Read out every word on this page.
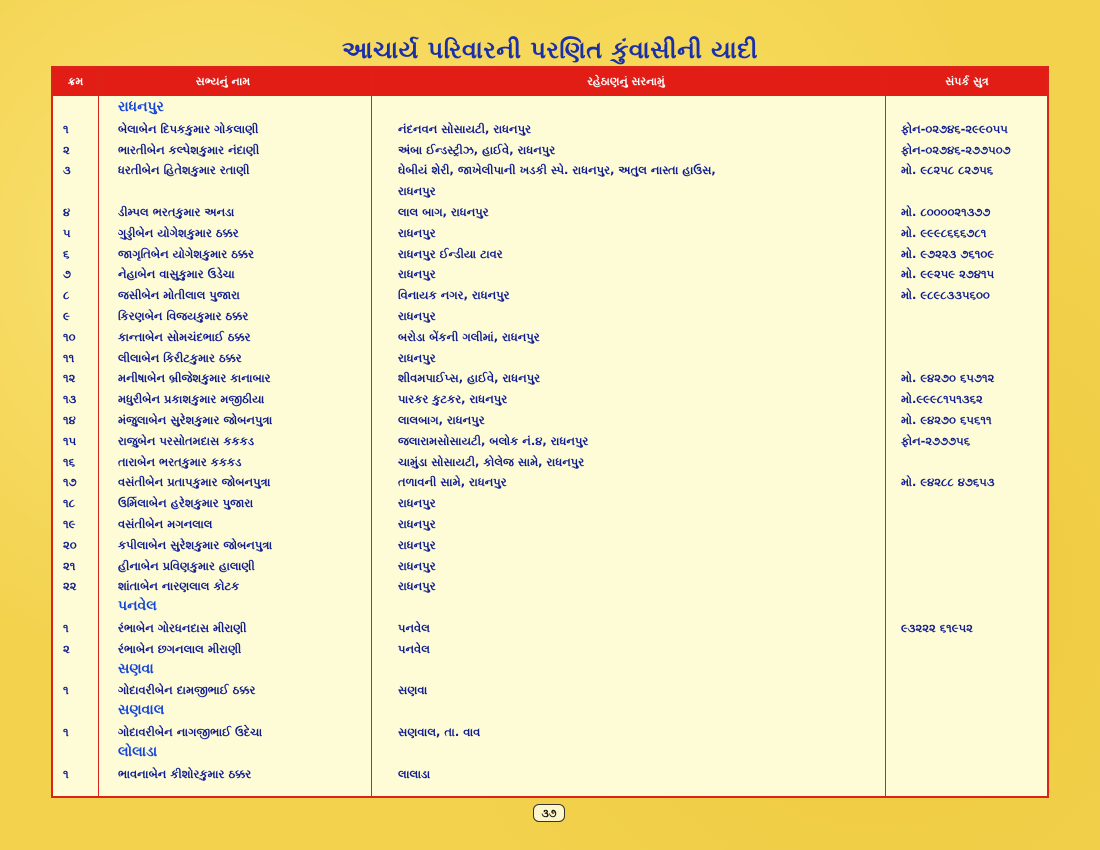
આચાર્ય પરિવારની પરણિત કુંવાસીની યાદી
ક્રમ	સભ્યનું નામ	રહેઠાણનું સરનામું	સંપર્ક સુત્ર
રાધનપુર
૧	બેલાબેન દિપકકુમાર ગોકલાણી	નંદનવન સોસાયટી, રાધનપુર	ફોન-૦૨૭૪૬-૨૯૯૦૫૫
૨	ભારતીબેન કલ્પેશકુમાર નંદાણી	અંબા ઈન્ડસ્ટ્રીઝ, હાઈવે, રાધનપુર	ફોન-૦૨૭૪૬-૨૭૭૫૦૭
૩	ધરતીબેન હિતેશકુમાર રતાણી	ઘેબીયં શેરી, જાખેલીપાની ખડકી સ્પે. રાધનપુર, અતુલ નાસ્તા હાઉસ,	મો. ૯૮૨૫૮ ૮૨૭૫૬
રાધનપુર
૪	ડીમ્પલ ભરતકુમાર અનડા	લાલ બાગ, રાધનપુર	મો. ૮૦૦૦૦૨૧૩૭૭
૫	ગુડ્ડીબેન યોગેશકુમાર ઠક્કર	રાધનપુર	મો. ૯૯૯૮૬૬૬૭૮૧
૬	જાગૃતિબેન યોગેશકુમાર ઠક્કર	રાધનપુર ઈન્ડીયા ટાવર	મો. ૯૭૨૨૩ ૭૬૧૦૯
૭	નેહાબેન વાસુકુમાર ઉડેચા	રાધનપુર	મો. ૯૯૨૫૯ ૨૭૪૧૫
૮	જસીબેન મોતીલાલ પુજારા	વિનાયક નગર, રાધનપુર	મો. ૯૮૯૮૩૩૫૬૦૦
૯	કિરણબેન વિજયકુમાર ઠક્કર	રાધનપુર
૧૦	કાન્તાબેન સોમચંદભાઈ ઠક્કર	બરોડા બેંકની ગલીમાં, રાધનપુર
૧૧	લીલાબેન કિરીટકુમાર ઠક્કર	રાધનપુર
૧૨	મનીષાબેન બ્રીજેશકુમાર કાનાબાર	શીવમપાઈપ્સ, હાઈવે, રાધનપુર	મો. ૯૪૨૭૦ ૬૫૭૧૨
૧૩	મધુરીબેન પ્રકાશકુમાર મજીઠીયા	પારકર કુટકર, રાધનપુર	મો.૯૯૯૮૧૫૧૩૬૨
૧૪	મંજુલાબેન સુરેશકુમાર જોબનપુત્રા	લાલબાગ, રાધનપુર	મો. ૯૪૨૭૦ ૬૫૬૧૧
૧૫	રાજુબેન પરસોતમદાસ કકકડ	જલારામસોસાયટી, બલોક નં.૪, રાધનપુર	ફોન-૨૭૭૭૫૬
૧૬	તારાબેન ભરતકુમાર કકકડ	ચામુંડા સોસાયટી, કોલેજ સામે, રાધનપુર
૧૭	વસંતીબેન પ્રતાપકુમાર જોબનપુત્રા	તળાવની સામે, રાધનપુર	મો. ૯૪૨૮૮ ૪૭૬૫૩
૧૮	ઉર્મિલાબેન હરેશકુમાર પુજારા	રાધનપુર
૧૯	વસંતીબેન મગનલાલ	રાધનપુર
૨૦	કપીલાબેન સુરેશકુમાર જોબનપુત્રા	રાધનપુર
૨૧	હીનાબેન પ્રવિણકુમાર હાલાણી	રાધનપુર
૨૨	શાંતાબેન નારણલાલ કોટક	રાધનપુર
પનવેલ
૧	રંભાબેન ગોરધનદાસ મીરાણી	પનવેલ	૯૩૨૨૨ ૬૧૯૫૨
૨	રંભાબેન છગનલાલ મીરાણી	પનવેલ
સણવા
૧	ગોદાવરીબેન દામજીભાઈ ઠક્કર	સણવા
સણવાલ
૧	ગોદાવરીબેન નાગજીભાઈ ઉદેચા	સણવાલ, તા. વાવ
લોલાડા
૧	ભાવનાબેન કીશોરકુમાર ઠક્કર	લાલાડા
૩૭
